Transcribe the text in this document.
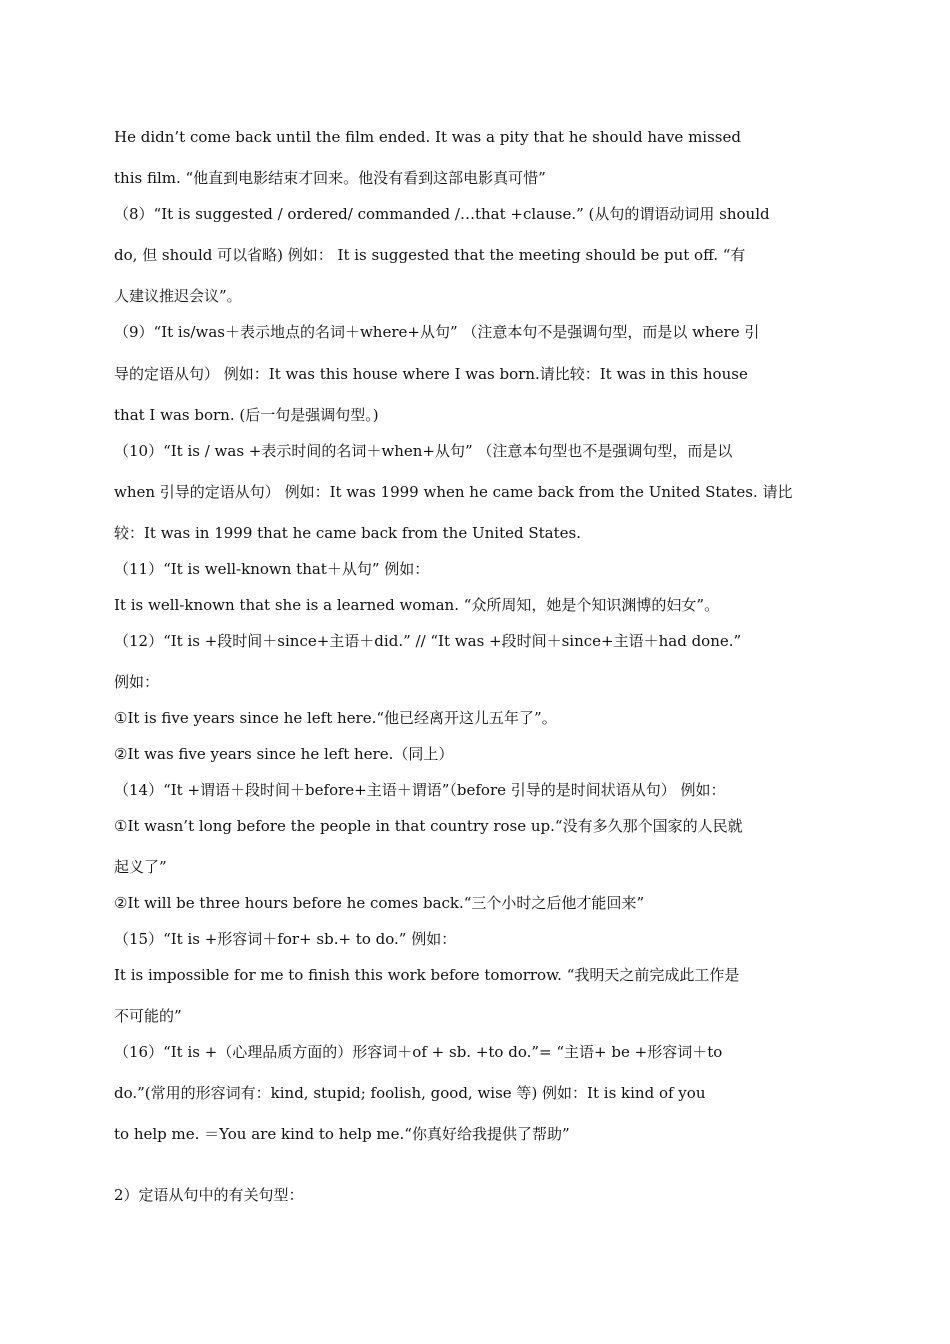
He didn’t come back until the film ended. It was a pity that he should have missed
this film. “他直到电影结束才回来。他没有看到这部电影真可惜”
（8）“It is suggested / ordered/ commanded /…that +clause.” (从句的谓语动词用 should
do, 但 should 可以省略) 例如： It is suggested that the meeting should be put off. “有
人建议推迟会议”。
（9）“It is/was＋表示地点的名词＋where+从句” （注意本句不是强调句型，而是以 where 引
导的定语从句） 例如：It was this house where I was born.请比较：It was in this house
that I was born. (后一句是强调句型。)
（10）“It is / was +表示时间的名词＋when+从句” （注意本句型也不是强调句型，而是以
when 引导的定语从句） 例如：It was 1999 when he came back from the United States. 请比
较：It was in 1999 that he came back from the United States.
（11）“It is well-known that＋从句” 例如：
It is well-known that she is a learned woman. “众所周知，她是个知识渊博的妇女”。
（12）“It is +段时间＋since+主语＋did.” // “It was +段时间＋since+主语＋had done.”
例如：
①It is five years since he left here.“他已经离开这儿五年了”。
②It was five years since he left here.（同上）
（14）“It +谓语＋段时间＋before+主语＋谓语”（before 引导的是时间状语从句） 例如：
①It wasn’t long before the people in that country rose up.“没有多久那个国家的人民就
起义了”
②It will be three hours before he comes back.“三个小时之后他才能回来”
（15）“It is +形容词＋for+ sb.+ to do.” 例如：
It is impossible for me to finish this work before tomorrow. “我明天之前完成此工作是
不可能的”
（16）“It is +（心理品质方面的）形容词＋of + sb. +to do.”= “主语+ be +形容词＋to
do.”(常用的形容词有：kind, stupid; foolish, good, wise 等) 例如：It is kind of you
to help me. ＝You are kind to help me.“你真好给我提供了帮助”
2）定语从句中的有关句型：
